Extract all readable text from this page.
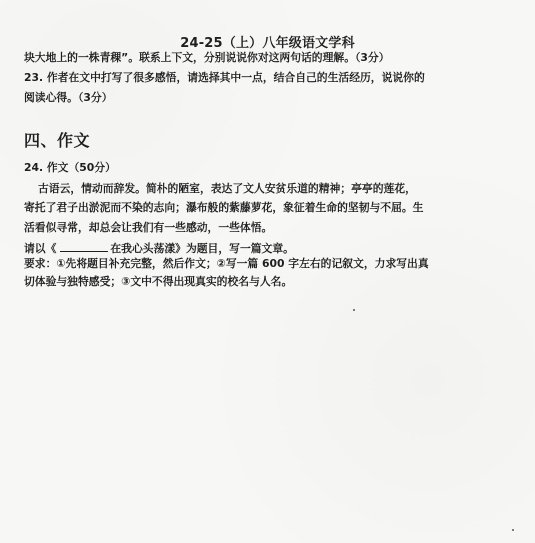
24-25（上）八年级语文学科
块大地上的一株青稞”。联系上下文，分别说说你对这两句话的理解。（3分）
23. 作者在文中打写了很多感悟，请选择其中一点，结合自己的生活经历，说说你的
阅读心得。（3分）
四、作文
24. 作文（50分）
古语云，情动而辞发。简朴的陋室，表达了文人安贫乐道的精神；亭亭的莲花，
寄托了君子出淤泥而不染的志向；瀑布般的紫藤萝花，象征着生命的坚韧与不屈。生
活看似寻常，却总会让我们有一些感动，一些体悟。
请以《	在我心头荡漾》为题目，写一篇文章。
要求：①先将题目补充完整，然后作文；②写一篇 600 字左右的记叙文，力求写出真
切体验与独特感受；③文中不得出现真实的校名与人名。
